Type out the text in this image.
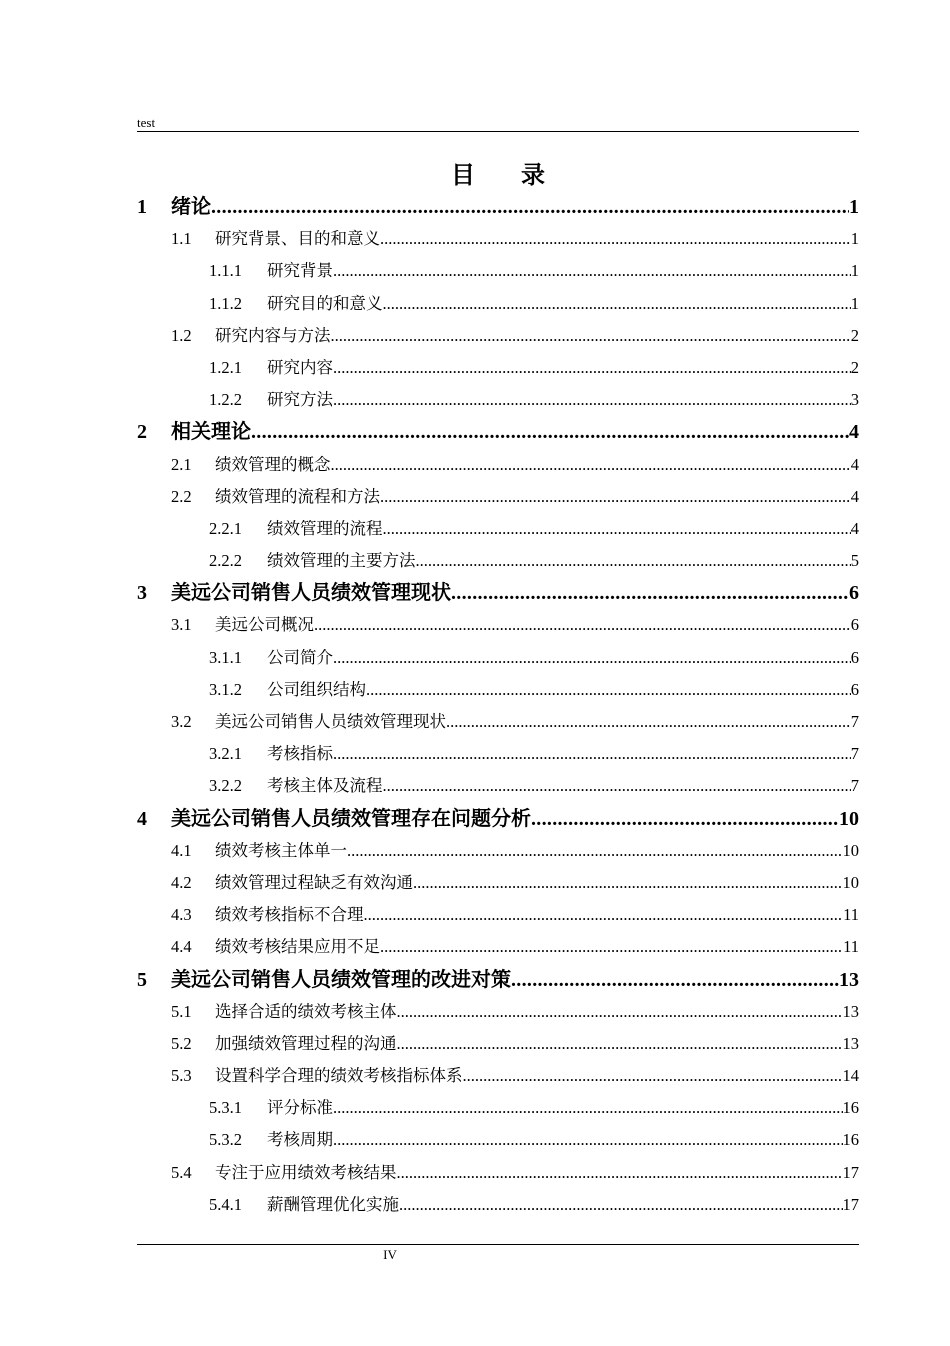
test
目 录
1	绪论 .....	1
1.1	研究背景、目的和意义 .....	1
1.1.1	研究背景 .....	1
1.1.2	研究目的和意义 .....	1
1.2	研究内容与方法 .....	2
1.2.1	研究内容 .....	2
1.2.2	研究方法 .....	3
2	相关理论 .....	4
2.1	绩效管理的概念 .....	4
2.2	绩效管理的流程和方法 .....	4
2.2.1	绩效管理的流程 .....	4
2.2.2	绩效管理的主要方法 .....	5
3	美远公司销售人员绩效管理现状 .....	6
3.1	美远公司概况 .....	6
3.1.1	公司简介 .....	6
3.1.2	公司组织结构 .....	6
3.2	美远公司销售人员绩效管理现状 .....	7
3.2.1	考核指标 .....	7
3.2.2	考核主体及流程 .....	7
4	美远公司销售人员绩效管理存在问题分析 .....	10
4.1	绩效考核主体单一 .....	10
4.2	绩效管理过程缺乏有效沟通 .....	10
4.3	绩效考核指标不合理 .....	11
4.4	绩效考核结果应用不足 .....	11
5	美远公司销售人员绩效管理的改进对策 .....	13
5.1	选择合适的绩效考核主体 .....	13
5.2	加强绩效管理过程的沟通 .....	13
5.3	设置科学合理的绩效考核指标体系 .....	14
5.3.1	评分标准 .....	16
5.3.2	考核周期 .....	16
5.4	专注于应用绩效考核结果 .....	17
5.4.1	薪酬管理优化实施 .....	17
IV
